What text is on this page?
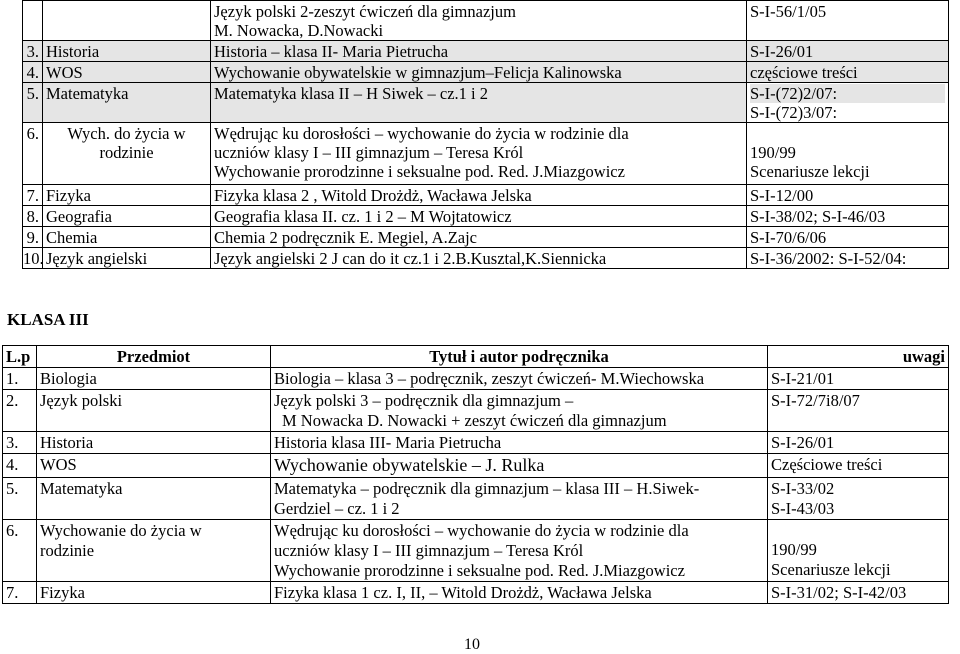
		Język polski 2-zeszyt ćwiczeń dla gimnazjum
M. Nowacka, D.Nowacki	S-I-56/1/05

3.	Historia	Historia – klasa II- Maria Pietrucha	S-I-26/01
4.	WOS	Wychowanie obywatelskie w gimnazjum–Felicja Kalinowska	częściowe treści
5.	Matematyka	Matematyka klasa II – H Siwek – cz.1 i 2	S-I-(72)2/07:
S-I-(72)3/07:

6.	Wych. do życia w rodzinie	Wędrując ku dorosłości – wychowanie do życia w rodzinie dla
uczniów klasy I – III gimnazjum – Teresa Król
Wychowanie prorodzinne i seksualne pod. Red. J.Miazgowicz	190/99
Scenariusze lekcji

7.	Fizyka	Fizyka klasa 2 , Witold Drożdż, Wacława Jelska	S-I-12/00
8.	Geografia	Geografia klasa II. cz. 1 i 2 – M Wojtatowicz	S-I-38/02; S-I-46/03
9.	Chemia	Chemia 2 podręcznik E. Megiel, A.Zajc	S-I-70/6/06
10.	Język angielski	Język angielski 2 J can do it cz.1 i 2.B.Kusztal,K.Siennicka	S-I-36/2002: S-I-52/04:
KLASA III
L.p	Przedmiot	Tytuł i autor podręcznika	uwagi
1.	Biologia	Biologia – klasa 3 – podręcznik, zeszyt ćwiczeń- M.Wiechowska	S-I-21/01
2.	Język polski	Język polski 3 – podręcznik dla gimnazjum –
M Nowacka D. Nowacki + zeszyt ćwiczeń dla gimnazjum	S-I-72/7i8/07
3.	Historia	Historia klasa III- Maria Pietrucha	S-I-26/01
4.	WOS	Wychowanie obywatelskie – J. Rulka	Częściowe treści
5.	Matematyka	Matematyka – podręcznik dla gimnazjum – klasa III – H.Siwek-
Gerdziel – cz. 1 i 2	S-I-33/02
S-I-43/03

6.	Wychowanie do życia w
rodzinie	Wędrując ku dorosłości – wychowanie do życia w rodzinie dla
uczniów klasy I – III gimnazjum – Teresa Król
Wychowanie prorodzinne i seksualne pod. Red. J.Miazgowicz	190/99
Scenariusze lekcji

7.	Fizyka	Fizyka klasa 1 cz. I, II, – Witold Drożdż, Wacława Jelska	S-I-31/02; S-I-42/03
10
